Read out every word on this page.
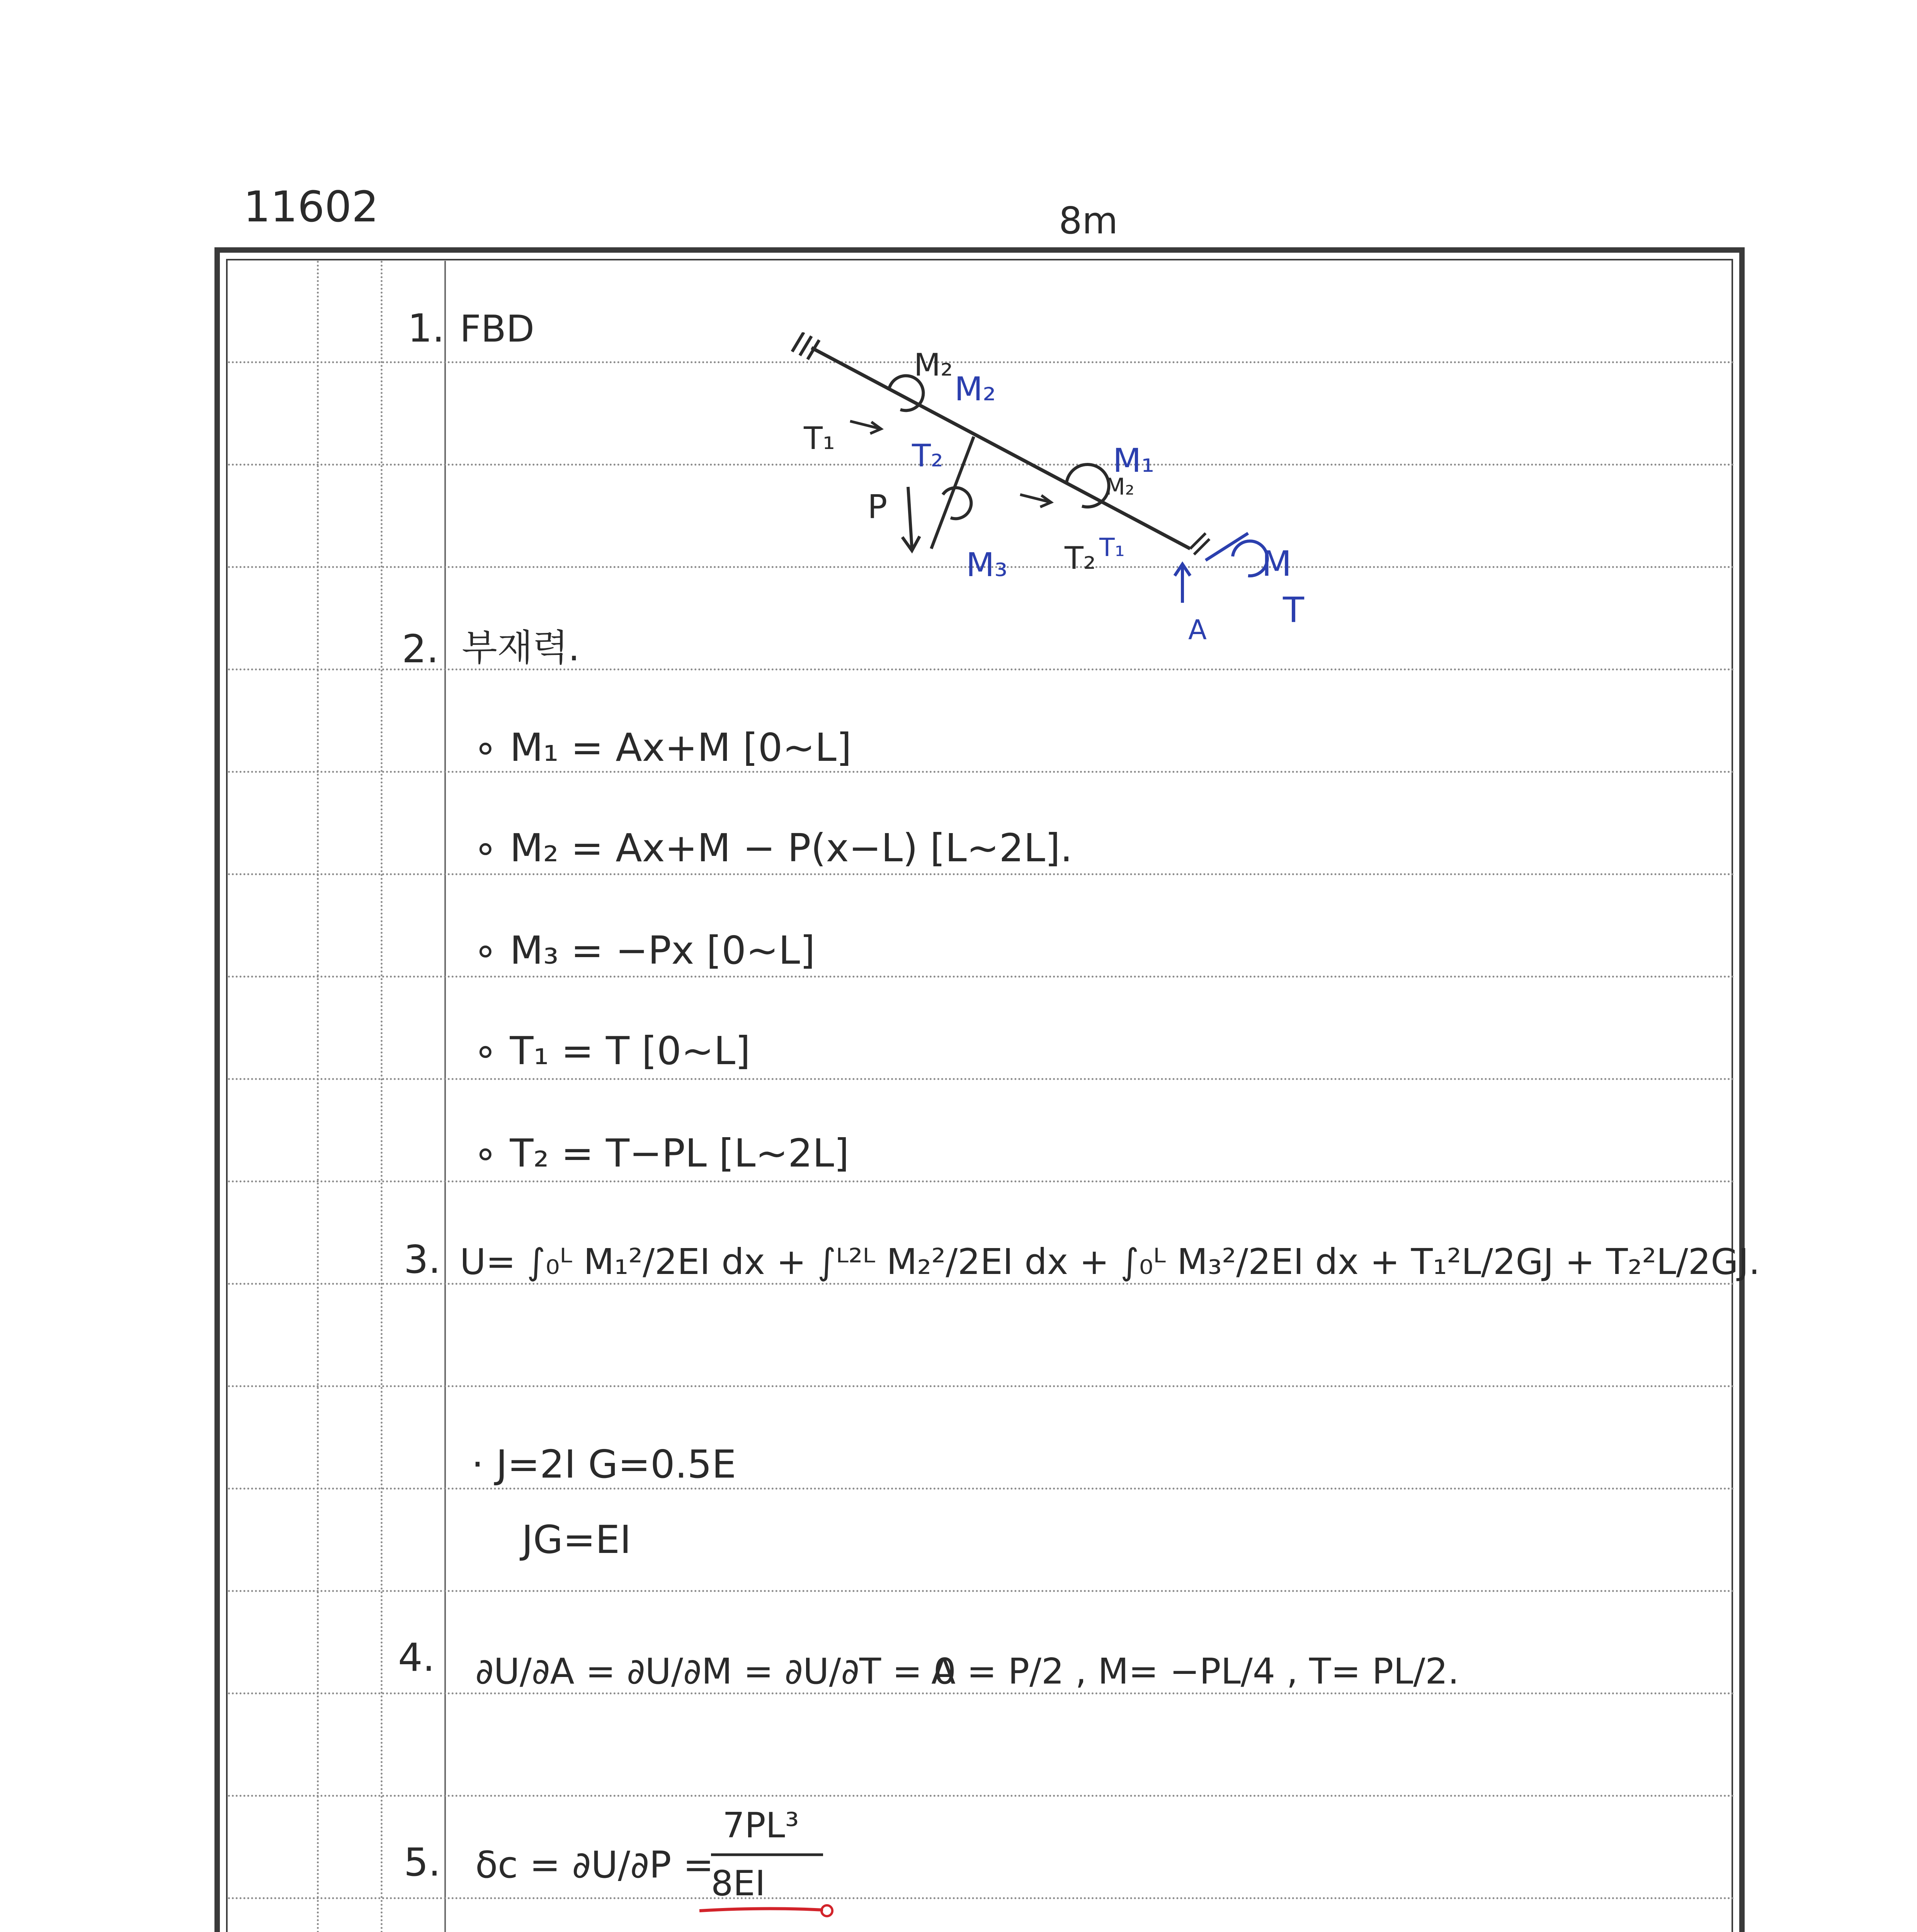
11602	8m
1. FBD
M₂
M₂
T₁ T₂
P
M₃
M₁
M₂
T₂ T₁	M
T
A
2. 부재력.
∘ M₁ = Ax+M [0~L]
∘ M₂ = Ax+M − P(x−L) [L~2L].
∘ M₃ = −Px [0~L]
∘ T₁ = T [0~L]
∘ T₂ = T−PL [L~2L]
3. U= ∫₀ᴸ M₁²/2EI dx + ∫ᴸ²ᴸ M₂²/2EI dx + ∫₀ᴸ M₃²/2EI dx + T₁²L/2GJ + T₂²L/2GJ.
· J=2I G=0.5E
JG=EI
4. ∂U/∂A = ∂U/∂M = ∂U/∂T = 0
A = P/2 , M= −PL/4 , T= PL/2.
5. δc = ∂U/∂P =
7PL³
8EI
